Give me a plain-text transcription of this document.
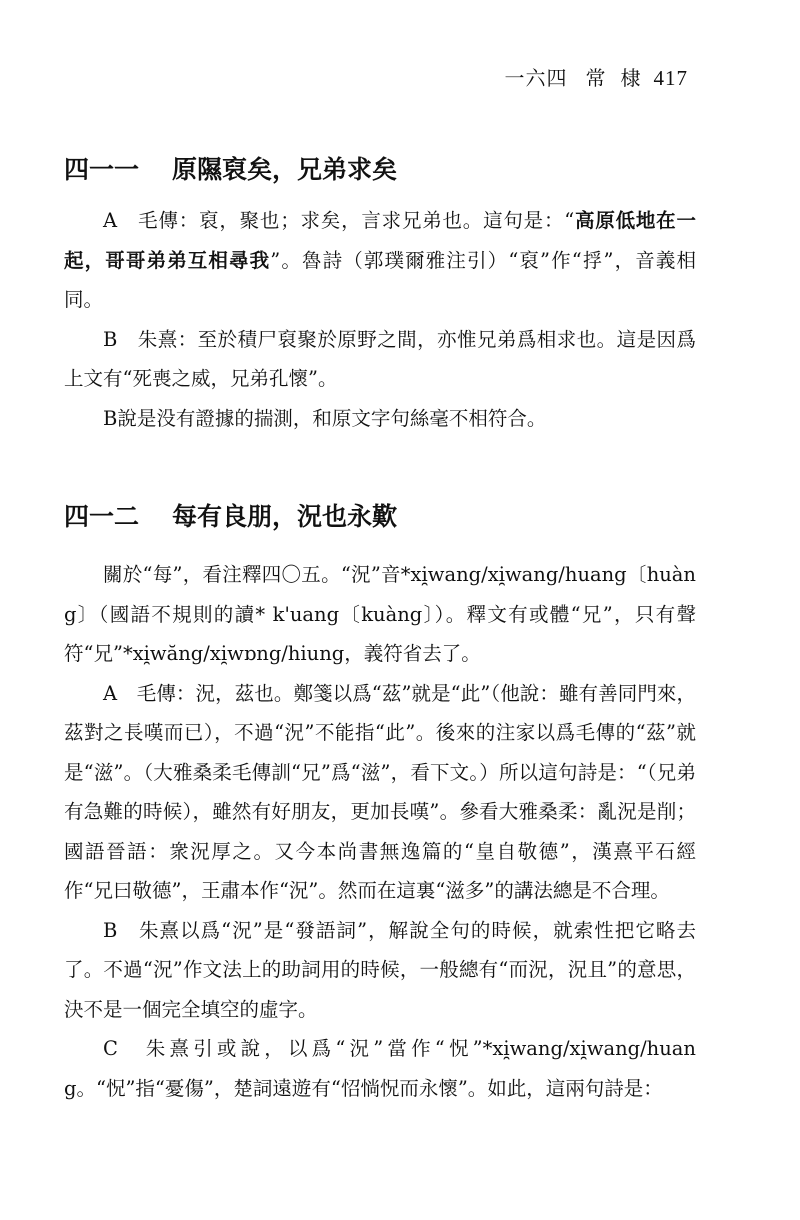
一六四 常 棣 417
四一一 原隰裒矣，兄弟求矣

A　毛傳：裒，聚也；求矣，言求兄弟也。這句是：“高原低地在一起，哥哥弟弟互相尋我”。魯詩（郭璞爾雅注引）“裒”作“捊”，音義相同。

B　朱熹：至於積尸裒聚於原野之間，亦惟兄弟爲相求也。這是因爲上文有“死喪之威，兄弟孔懷”。

B說是没有證據的揣測，和原文字句絲毫不相符合。

四一二 每有良朋，況也永歎

關於“每”，看注釋四〇五。“況”音*xi̯wang/xi̯wang/huang〔huàng〕（國語不規則的讀* k'uang〔kuàng〕）。釋文有或體“兄”，只有聲符“兄”*xi̯wăng/xi̯wɒng/hiung，義符省去了。

A　毛傳：況，茲也。鄭箋以爲“茲”就是“此”（他說：雖有善同門來，茲對之長嘆而已），不過“況”不能指“此”。後來的注家以爲毛傳的“茲”就是“滋”。（大雅桑柔毛傳訓“兄”爲“滋”，看下文。）所以這句詩是：“（兄弟有急難的時候），雖然有好朋友，更加長嘆”。參看大雅桑柔：亂況是削；國語晉語：衆況厚之。又今本尚書無逸篇的“皇自敬德”，漢熹平石經作“兄曰敬德”，王肅本作“況”。然而在這裏“滋多”的講法總是不合理。

B　朱熹以爲“況”是“發語詞”，解說全句的時候，就索性把它略去了。不過“況”作文法上的助詞用的時候，一般總有“而況，況且”的意思，決不是一個完全填空的虛字。

C　朱熹引或說，以爲“況”當作“怳”*xi̯wang/xi̯wang/huang。“怳”指“憂傷”，楚詞遠遊有“怊惝怳而永懷”。如此，這兩句詩是：
